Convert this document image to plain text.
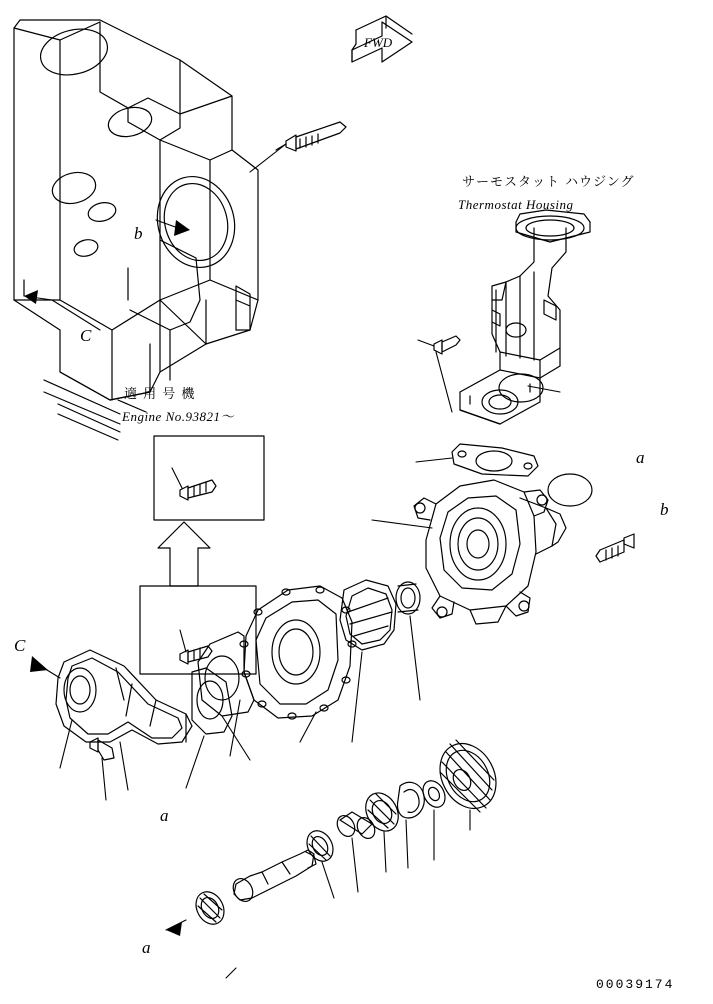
FWD
サーモスタット ハウジング
Thermostat Housing
適 用 号 機
Engine No.93821～
b
C
a
b
C
a
a
00039174
